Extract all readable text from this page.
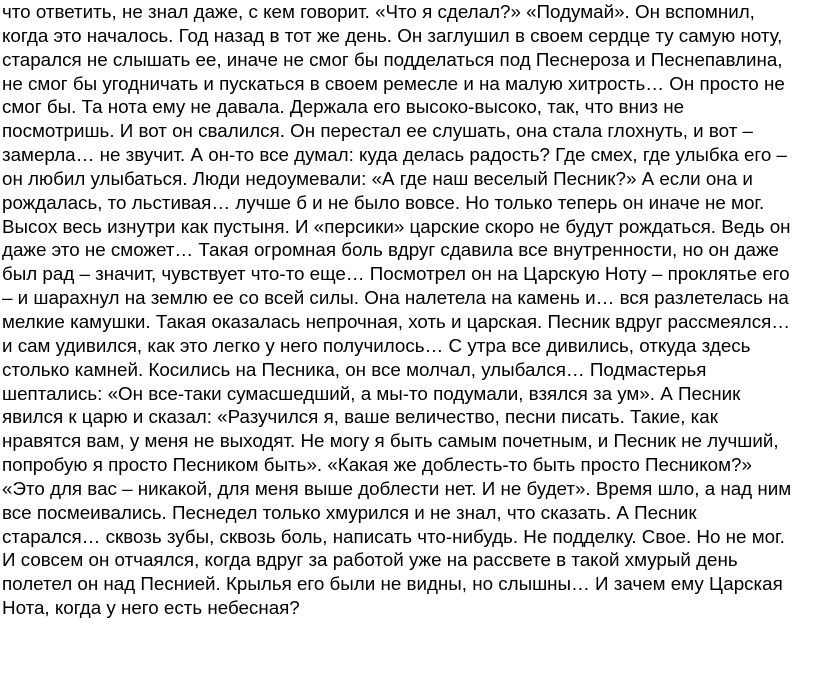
что ответить, не знал даже, с кем говорит. «Что я сделал?» «Подумай». Он вспомнил,
когда это началось. Год назад в тот же день. Он заглушил в своем сердце ту самую ноту,
старался не слышать ее, иначе не смог бы подделаться под Песнероза и Песнепавлина,
не смог бы угодничать и пускаться в своем ремесле и на малую хитрость… Он просто не
смог бы. Та нота ему не давала. Держала его высоко-высоко, так, что вниз не
посмотришь. И вот он свалился. Он перестал ее слушать, она стала глохнуть, и вот –
замерла… не звучит. А он-то все думал: куда делась радость? Где смех, где улыбка его –
он любил улыбаться. Люди недоумевали: «А где наш веселый Песник?» А если она и
рождалась, то льстивая… лучше б и не было вовсе. Но только теперь он иначе не мог.
Высох весь изнутри как пустыня. И «персики» царские скоро не будут рождаться. Ведь он
даже это не сможет… Такая огромная боль вдруг сдавила все внутренности, но он даже
был рад – значит, чувствует что-то еще… Посмотрел он на Царскую Ноту – проклятье его
– и шарахнул на землю ее со всей силы. Она налетела на камень и… вся разлетелась на
мелкие камушки. Такая оказалась непрочная, хоть и царская. Песник вдруг рассмеялся…
и сам удивился, как это легко у него получилось… С утра все дивились, откуда здесь
столько камней. Косились на Песника, он все молчал, улыбался… Подмастерья
шептались: «Он все-таки сумасшедший, а мы-то подумали, взялся за ум». А Песник
явился к царю и сказал: «Разучился я, ваше величество, песни писать. Такие, как
нравятся вам, у меня не выходят. Не могу я быть самым почетным, и Песник не лучший,
попробую я просто Песником быть». «Какая же доблесть-то быть просто Песником?»
«Это для вас – никакой, для меня выше доблести нет. И не будет». Время шло, а над ним
все посмеивались. Песнедел только хмурился и не знал, что сказать. А Песник
старался… сквозь зубы, сквозь боль, написать что-нибудь. Не подделку. Свое. Но не мог.
И совсем он отчаялся, когда вдруг за работой уже на рассвете в такой хмурый день
полетел он над Песнией. Крылья его были не видны, но слышны… И зачем ему Царская
Нота, когда у него есть небесная?
